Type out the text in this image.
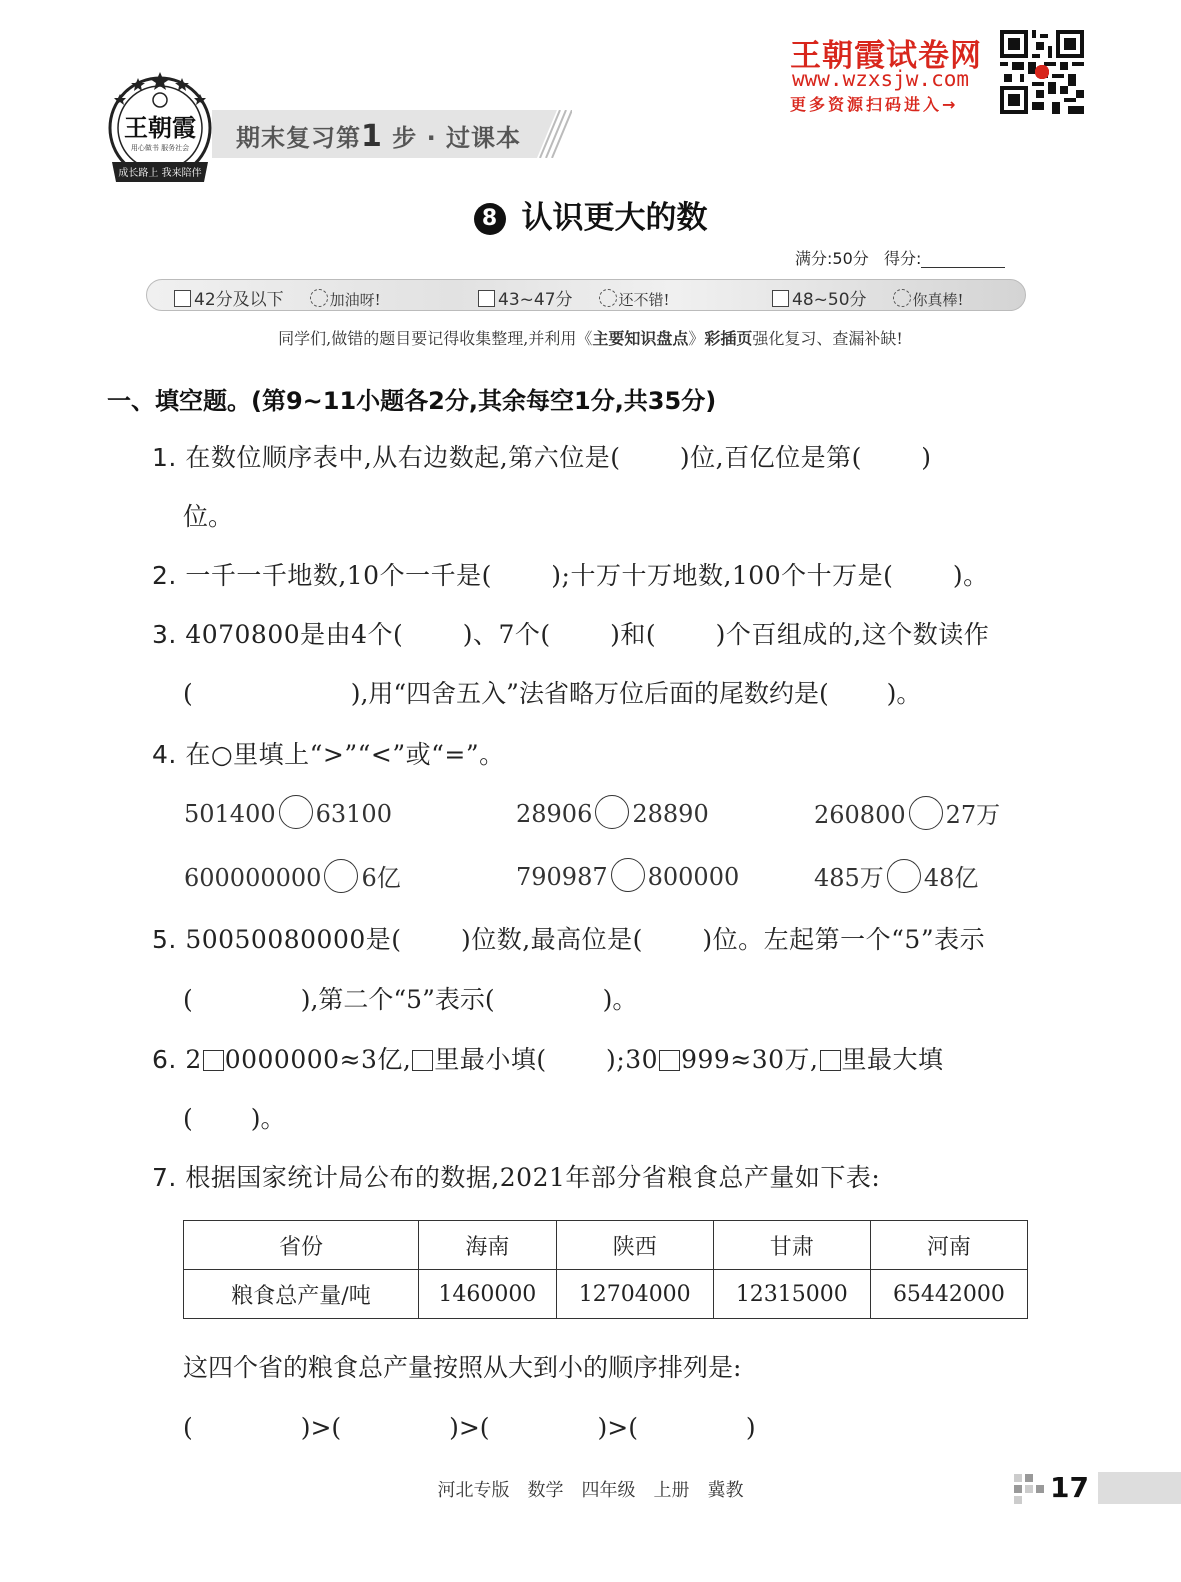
王朝霞
用心做书 服务社会
成长路上 我来陪伴
期末复习第1 步 · 过课本
王朝霞试卷网
www.wzxsjw.com
更多资源扫码进入→
8 认识更大的数
满分:50分 得分:
42分及以下	加油呀!	43~47分	还不错!	48~50分	你真棒!
同学们,做错的题目要记得收集整理,并利用《主要知识盘点》彩插页强化复习、查漏补缺!
一、填空题。(第9~11小题各2分,其余每空1分,共35分)
1. 在数位顺序表中,从右边数起,第六位是(　　 )位,百亿位是第(　　 )
位。
2. 一千一千地数,10个一千是(　　 );十万十万地数,100个十万是(　　 )。
3. 4070800是由4个(　　 )、7个(　　 )和(　　 )个百组成的,这个数读作
(　　　　　　 ),用“四舍五入”法省略万位后面的尾数约是(　　 )。
4. 在○里填上“>”“<”或“=”。
501400 63100	28906 28890	260800 27万
600000000 6亿	790987 800000	485万 48亿
5. 50050080000是(　　 )位数,最高位是(　　 )位。左起第一个“5”表示
(　　　　 ),第二个“5”表示(　　　　 )。
6. 2 0000000≈3亿, 里最小填(　　 );30 999≈30万, 里最大填
(　　 )。
7. 根据国家统计局公布的数据,2021年部分省粮食总产量如下表:
省份	海南	陕西	甘肃	河南
粮食总产量/吨	1460000	12704000	12315000	65442000
这四个省的粮食总产量按照从大到小的顺序排列是:
(　　　　 )>(　　　　 )>(　　　　 )>(　　　　 )
河北专版　数学　四年级　上册　冀教	17
